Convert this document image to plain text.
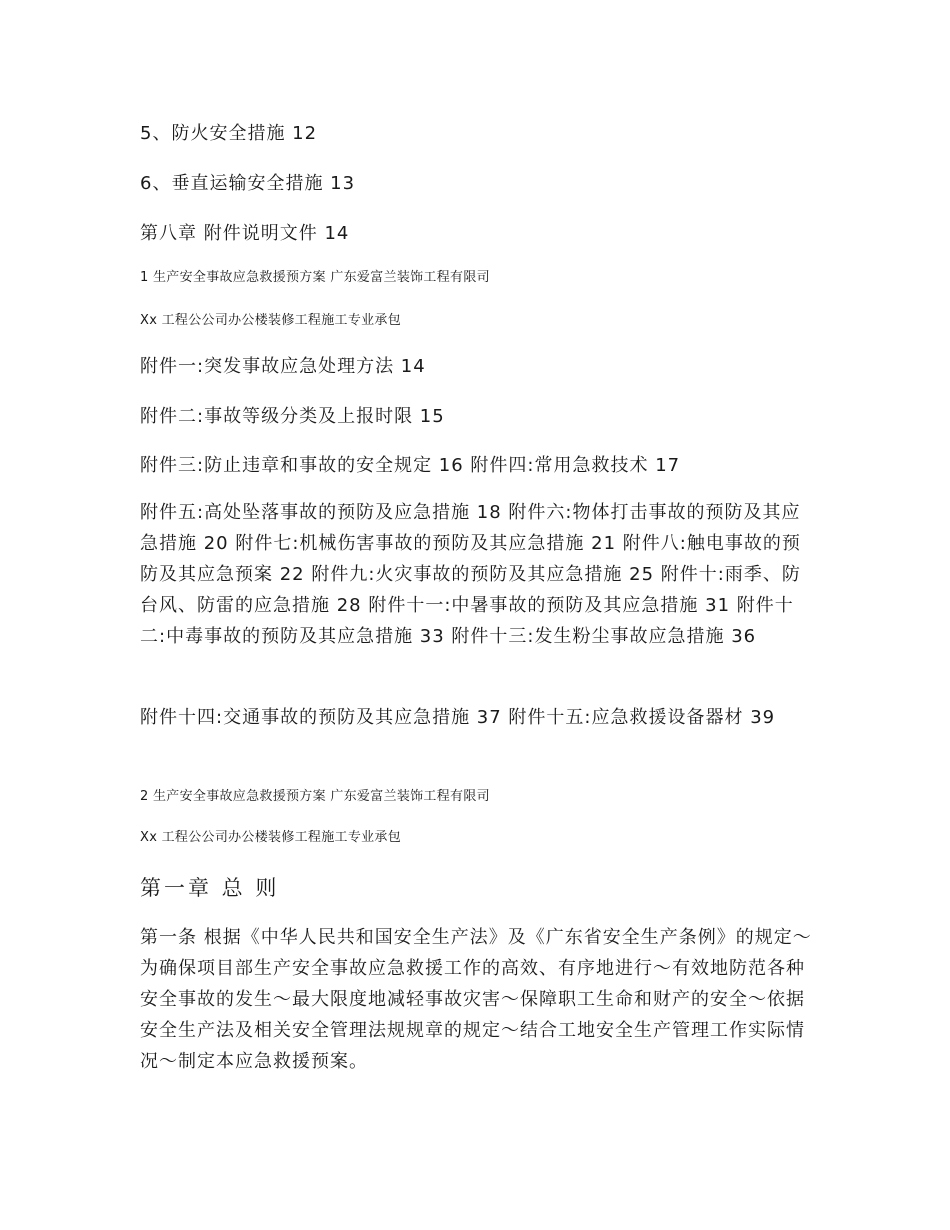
5、防火安全措施 12

6、垂直运输安全措施 13

第八章 附件说明文件 14

1 生产安全事故应急救援预方案 广东爱富兰装饰工程有限司

Xx 工程公公司办公楼装修工程施工专业承包

附件一:突发事故应急处理方法 14

附件二:事故等级分类及上报时限 15

附件三:防止违章和事故的安全规定 16 附件四:常用急救技术 17

附件五:高处坠落事故的预防及应急措施 18 附件六:物体打击事故的预防及其应急措施 20 附件七:机械伤害事故的预防及其应急措施 21 附件八:触电事故的预防及其应急预案 22 附件九:火灾事故的预防及其应急措施 25 附件十:雨季、防台风、防雷的应急措施 28 附件十一:中暑事故的预防及其应急措施 31 附件十二:中毒事故的预防及其应急措施 33 附件十三:发生粉尘事故应急措施 36

附件十四:交通事故的预防及其应急措施 37 附件十五:应急救援设备器材 39

2 生产安全事故应急救援预方案 广东爱富兰装饰工程有限司

Xx 工程公公司办公楼装修工程施工专业承包

第一章 总 则

第一条 根据《中华人民共和国安全生产法》及《广东省安全生产条例》的规定～为确保项目部生产安全事故应急救援工作的高效、有序地进行～有效地防范各种安全事故的发生～最大限度地减轻事故灾害～保障职工生命和财产的安全～依据安全生产法及相关安全管理法规规章的规定～结合工地安全生产管理工作实际情况～制定本应急救援预案。
